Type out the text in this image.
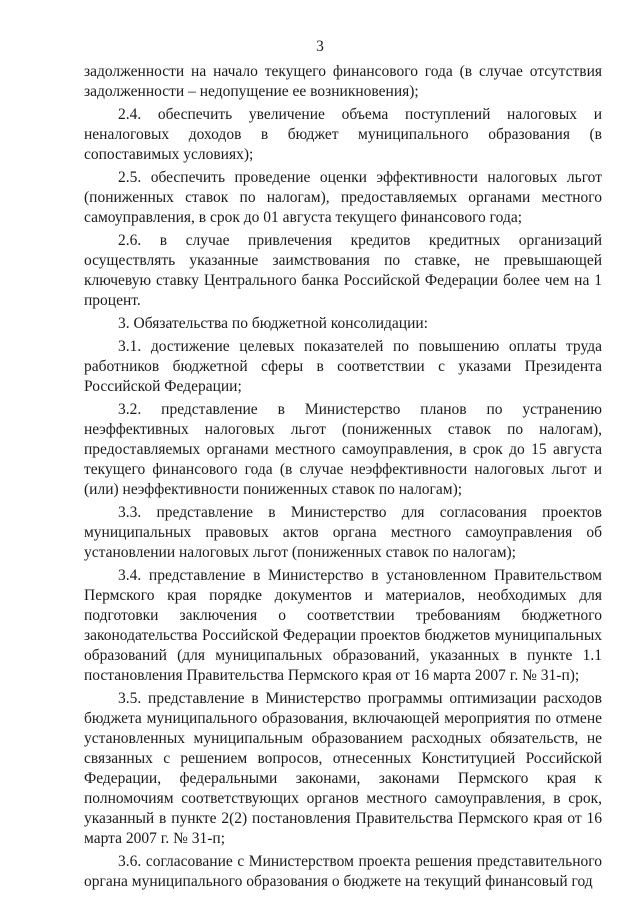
3

задолженности на начало текущего финансового года (в случае отсутствия задолженности – недопущение ее возникновения);

2.4. обеспечить увеличение объема поступлений налоговых и неналоговых доходов в бюджет муниципального образования (в сопоставимых условиях);

2.5. обеспечить проведение оценки эффективности налоговых льгот (пониженных ставок по налогам), предоставляемых органами местного самоуправления, в срок до 01 августа текущего финансового года;

2.6. в случае привлечения кредитов кредитных организаций осуществлять указанные заимствования по ставке, не превышающей ключевую ставку Центрального банка Российской Федерации более чем на 1 процент.

3. Обязательства по бюджетной консолидации:

3.1. достижение целевых показателей по повышению оплаты труда работников бюджетной сферы в соответствии с указами Президента Российской Федерации;

3.2. представление в Министерство планов по устранению неэффективных налоговых льгот (пониженных ставок по налогам), предоставляемых органами местного самоуправления, в срок до 15 августа текущего финансового года (в случае неэффективности налоговых льгот и (или) неэффективности пониженных ставок по налогам);

3.3. представление в Министерство для согласования проектов муниципальных правовых актов органа местного самоуправления об установлении налоговых льгот (пониженных ставок по налогам);

3.4. представление в Министерство в установленном Правительством Пермского края порядке документов и материалов, необходимых для подготовки заключения о соответствии требованиям бюджетного законодательства Российской Федерации проектов бюджетов муниципальных образований (для муниципальных образований, указанных в пункте 1.1 постановления Правительства Пермского края от 16 марта 2007 г. № 31-п);

3.5. представление в Министерство программы оптимизации расходов бюджета муниципального образования, включающей мероприятия по отмене установленных муниципальным образованием расходных обязательств, не связанных с решением вопросов, отнесенных Конституцией Российской Федерации, федеральными законами, законами Пермского края к полномочиям соответствующих органов местного самоуправления, в срок, указанный в пункте 2(2) постановления Правительства Пермского края от 16 марта 2007 г. № 31-п;

3.6. согласование с Министерством проекта решения представительного органа муниципального образования о бюджете на текущий финансовый год
